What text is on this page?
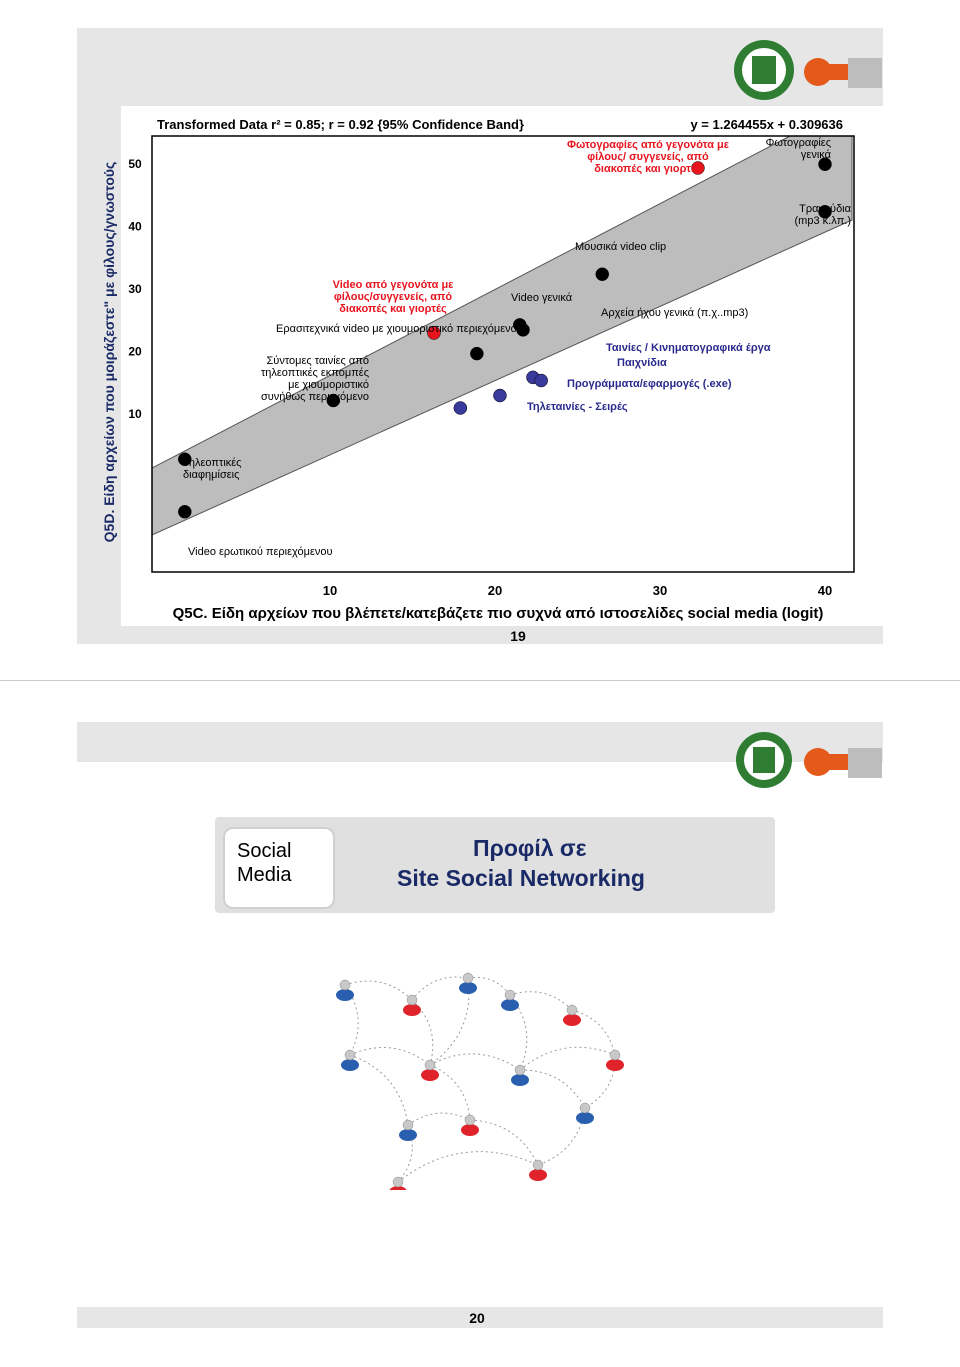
Social
Media
Προφίλ σε
Site Social Networking
20
Transformed Data r² = 0.85; r = 0.92 {95% Confidence Band}	y = 1.264455x + 0.309636
Q5D. Είδη αρχείων που μοιράζεστε" με φίλους/γνωστούς
Q5C. Είδη αρχείων που βλέπετε/κατεβάζετε πιο συχνά από ιστοσελίδες social media (logit)
19
10
20
30
40
50
10	20	30	40
Τηλεοπτικές διαφημίσεις
Video ερωτικού περιεχόμενου
Σύντομες ταινίες από τηλεοπτικές εκπομπές με χιουμοριστικό συνήθως περιεχόμενο
Video από γεγονότα με φίλους/συγγενείς, από διακοπές και γιορτές
Ερασιτεχνικά video με χιουμοριστικό περιεχόμενο
Video γενικά
Αρχεία ήχου γενικά (π.χ..mp3)
Μουσικά video clip
Φωτογραφίες από γεγονότα με φίλους/ συγγενείς, από διακοπές και γιορτές
Φωτογραφίες γενικά
Τραγούδια (mp3 κ.λπ.)
Ταινίες / Κινηματογραφικά έργα
Παιχνίδια
Προγράμματα/εφαρμογές (.exe)
Τηλεταινίες - Σειρές
